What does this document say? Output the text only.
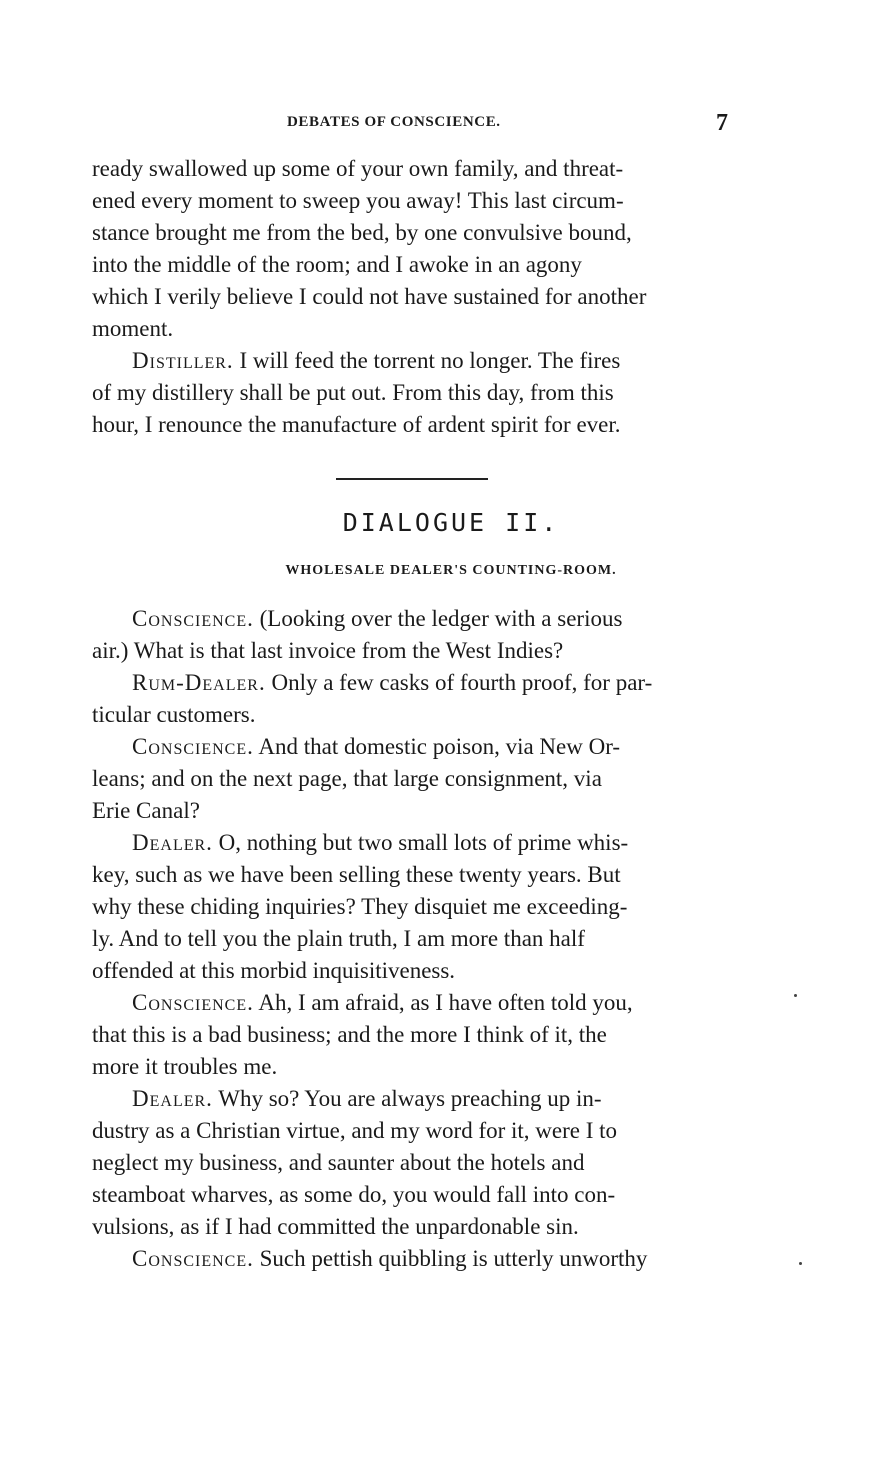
DEBATES OF CONSCIENCE.	7
ready swallowed up some of your own family, and threat-
ened every moment to sweep you away! This last circum-
stance brought me from the bed, by one convulsive bound,
into the middle of the room; and I awoke in an agony
which I verily believe I could not have sustained for another
moment.
Distiller. I will feed the torrent no longer. The fires
of my distillery shall be put out. From this day, from this
hour, I renounce the manufacture of ardent spirit for ever.
DIALOGUE II.
WHOLESALE DEALER'S COUNTING-ROOM.
Conscience. (Looking over the ledger with a serious
air.) What is that last invoice from the West Indies?
Rum-Dealer. Only a few casks of fourth proof, for par-
ticular customers.
Conscience. And that domestic poison, via New Or-
leans; and on the next page, that large consignment, via
Erie Canal?
Dealer. O, nothing but two small lots of prime whis-
key, such as we have been selling these twenty years. But
why these chiding inquiries? They disquiet me exceeding-
ly. And to tell you the plain truth, I am more than half
offended at this morbid inquisitiveness.
Conscience. Ah, I am afraid, as I have often told you,
that this is a bad business; and the more I think of it, the
more it troubles me.
Dealer. Why so? You are always preaching up in-
dustry as a Christian virtue, and my word for it, were I to
neglect my business, and saunter about the hotels and
steamboat wharves, as some do, you would fall into con-
vulsions, as if I had committed the unpardonable sin.
Conscience. Such pettish quibbling is utterly unworthy
